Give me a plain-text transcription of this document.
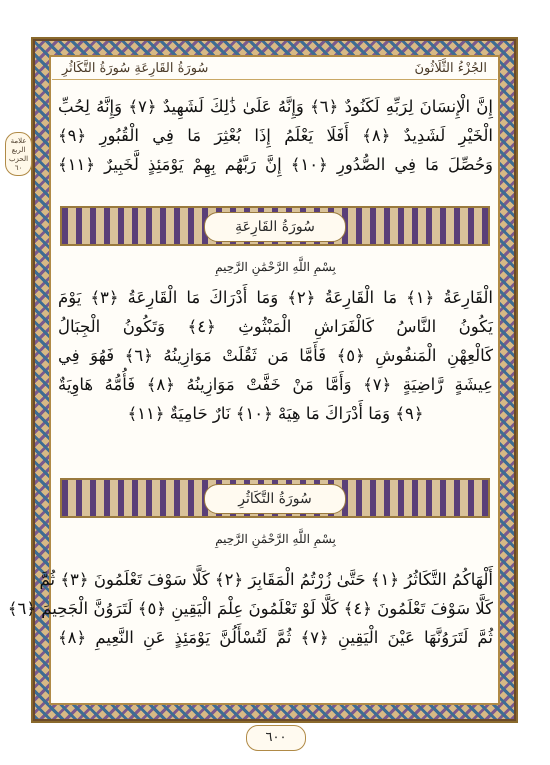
الجُزْءُ الثَّلَاثُونَ
سُورَةُ القَارِعَةِ سُورَةُ التَّكَاثُرِ
علامة الربع الحزب ٦٠
إِنَّ الْإِنسَانَ لِرَبِّهِ لَكَنُودٌ ﴿٦﴾ وَإِنَّهُ عَلَىٰ ذَٰلِكَ لَشَهِيدٌ ﴿٧﴾ وَإِنَّهُ لِحُبِّ
الْخَيْرِ لَشَدِيدٌ ﴿٨﴾ أَفَلَا يَعْلَمُ إِذَا بُعْثِرَ مَا فِي الْقُبُورِ ﴿٩﴾
وَحُصِّلَ مَا فِي الصُّدُورِ ﴿١٠﴾ إِنَّ رَبَّهُم بِهِمْ يَوْمَئِذٍ لَّخَبِيرٌ ﴿١١﴾
سُورَةُ القَارِعَةِ
بِسْمِ اللَّهِ الرَّحْمَٰنِ الرَّحِيمِ
الْقَارِعَةُ ﴿١﴾ مَا الْقَارِعَةُ ﴿٢﴾ وَمَا أَدْرَاكَ مَا الْقَارِعَةُ ﴿٣﴾ يَوْمَ
يَكُونُ النَّاسُ كَالْفَرَاشِ الْمَبْثُوثِ ﴿٤﴾ وَتَكُونُ الْجِبَالُ
كَالْعِهْنِ الْمَنفُوشِ ﴿٥﴾ فَأَمَّا مَن ثَقُلَتْ مَوَازِينُهُ ﴿٦﴾ فَهُوَ فِي
عِيشَةٍ رَّاضِيَةٍ ﴿٧﴾ وَأَمَّا مَنْ خَفَّتْ مَوَازِينُهُ ﴿٨﴾ فَأُمُّهُ هَاوِيَةٌ
﴿٩﴾ وَمَا أَدْرَاكَ مَا هِيَهْ ﴿١٠﴾ نَارٌ حَامِيَةٌ ﴿١١﴾
سُورَةُ التَّكَاثُرِ
بِسْمِ اللَّهِ الرَّحْمَٰنِ الرَّحِيمِ
أَلْهَاكُمُ التَّكَاثُرُ ﴿١﴾ حَتَّىٰ زُرْتُمُ الْمَقَابِرَ ﴿٢﴾ كَلَّا سَوْفَ تَعْلَمُونَ ﴿٣﴾ ثُمَّ
كَلَّا سَوْفَ تَعْلَمُونَ ﴿٤﴾ كَلَّا لَوْ تَعْلَمُونَ عِلْمَ الْيَقِينِ ﴿٥﴾ لَتَرَوُنَّ الْجَحِيمَ ﴿٦﴾
ثُمَّ لَتَرَوُنَّهَا عَيْنَ الْيَقِينِ ﴿٧﴾ ثُمَّ لَتُسْأَلُنَّ يَوْمَئِذٍ عَنِ النَّعِيمِ ﴿٨﴾
٦٠٠
